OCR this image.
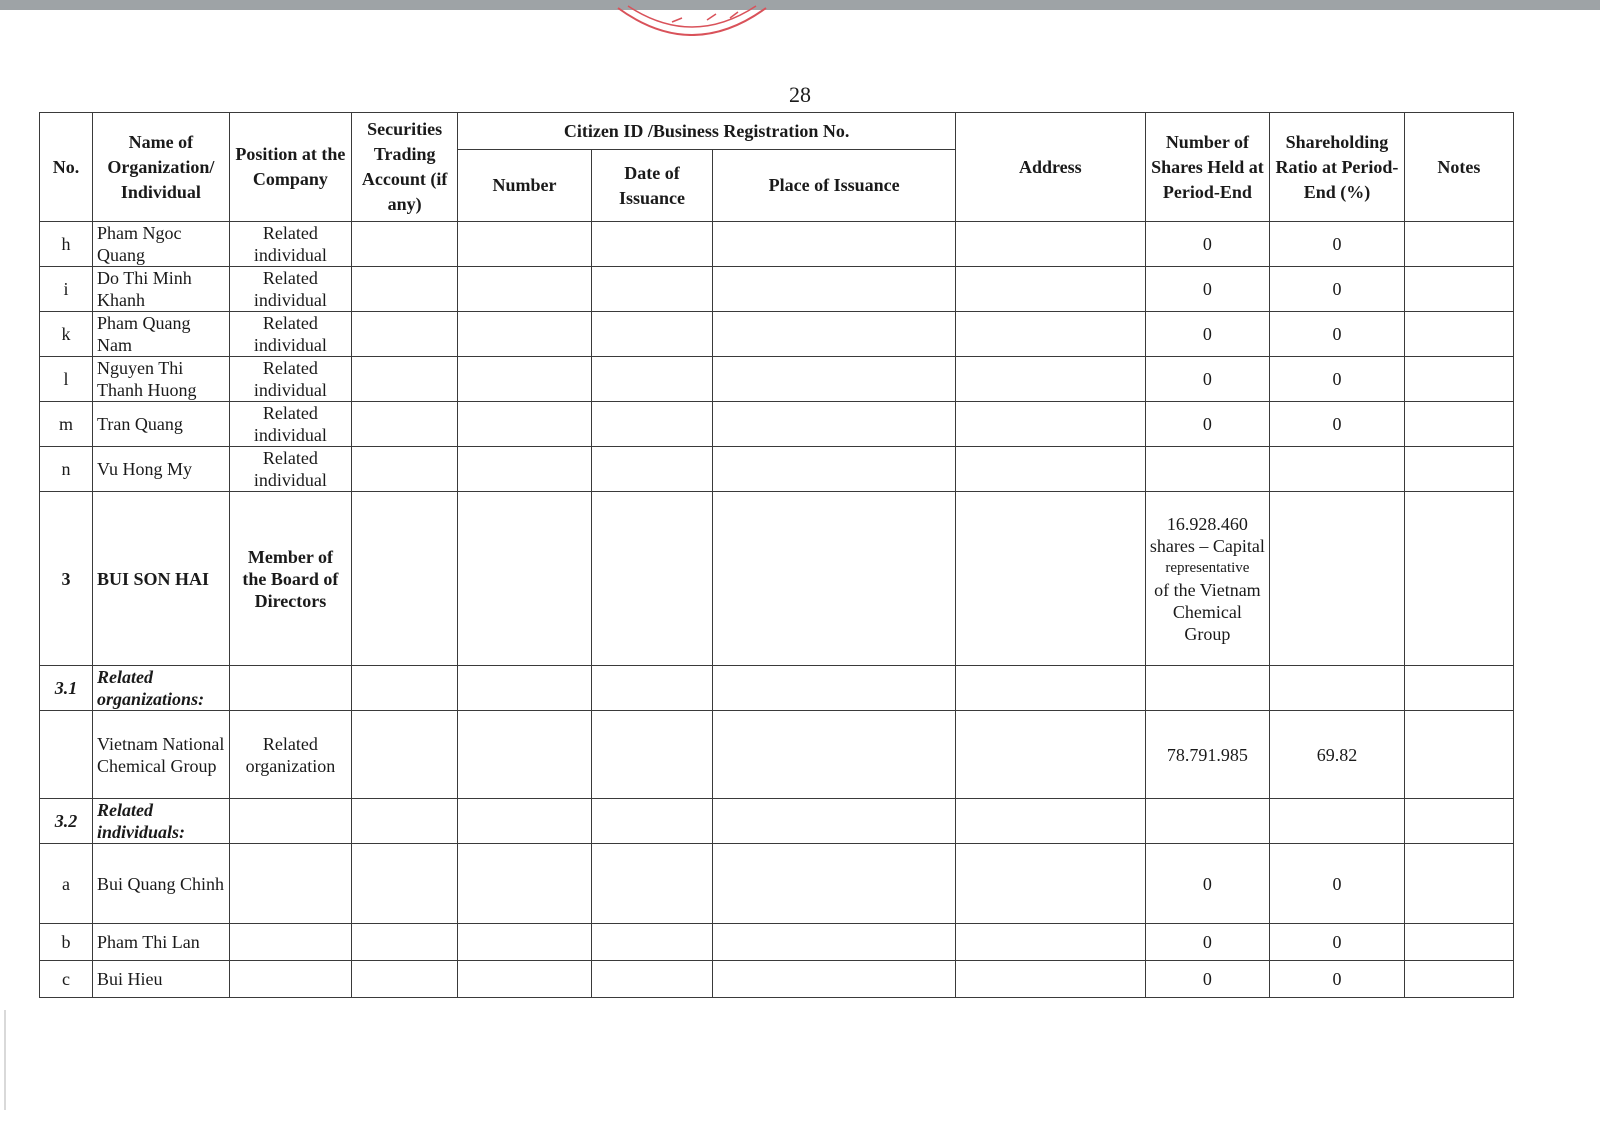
28
No.	Name of Organization/ Individual	Position at the Company	Securities Trading Account (if any)	Citizen ID /Business Registration No.			Address	Number of Shares Held at Period-End	Shareholding Ratio at Period-End (%)	Notes
				Number	Date of Issuance	Place of Issuance				
h	Pham Ngoc Quang	Related individual						0	0	
i	Do Thi Minh Khanh	Related individual						0	0	
k	Pham Quang Nam	Related individual						0	0	
l	Nguyen Thi Thanh Huong	Related individual						0	0	
m	Tran Quang	Related individual						0	0	
n	Vu Hong My	Related individual								
3	BUI SON HAI	Member of the Board of Directors						16.928.460 shares – Capital
representative
of the Vietnam Chemical Group		

3.1	Related organizations:									
	Vietnam National Chemical Group	Related organization						78.791.985	69.82	
3.2	Related individuals:									
a	Bui Quang Chinh							0	0	
b	Pham Thi Lan							0	0	
c	Bui Hieu							0	0	
